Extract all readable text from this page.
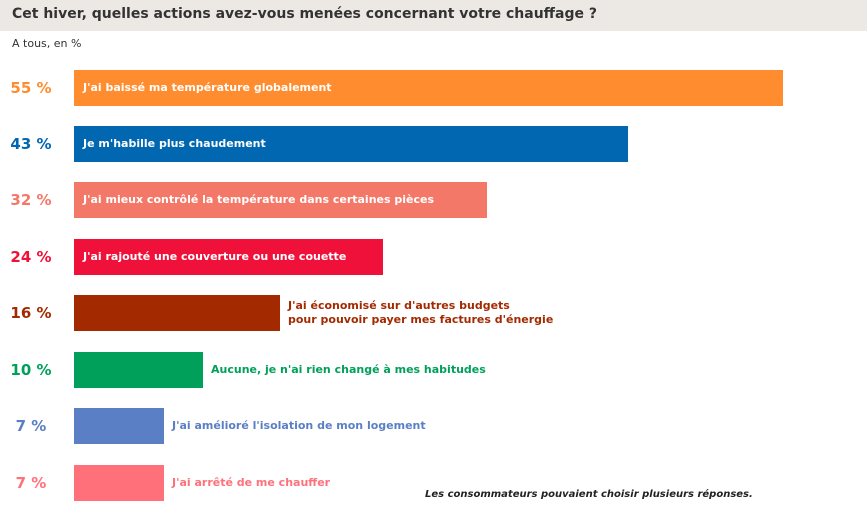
Cet hiver, quelles actions avez-vous menées concernant votre chauffage ?
A tous, en %
55 %	J'ai baissé ma température globalement
43 %	Je m'habille plus chaudement
32 %	J'ai mieux contrôlé la température dans certaines pièces
24 %	J'ai rajouté une couverture ou une couette
16 %	J'ai économisé sur d'autres budgets
pour pouvoir payer mes factures d'énergie
10 %	Aucune, je n'ai rien changé à mes habitudes
7 %	J'ai amélioré l'isolation de mon logement
7 %	J'ai arrêté de me chauffer
Les consommateurs pouvaient choisir plusieurs réponses.
